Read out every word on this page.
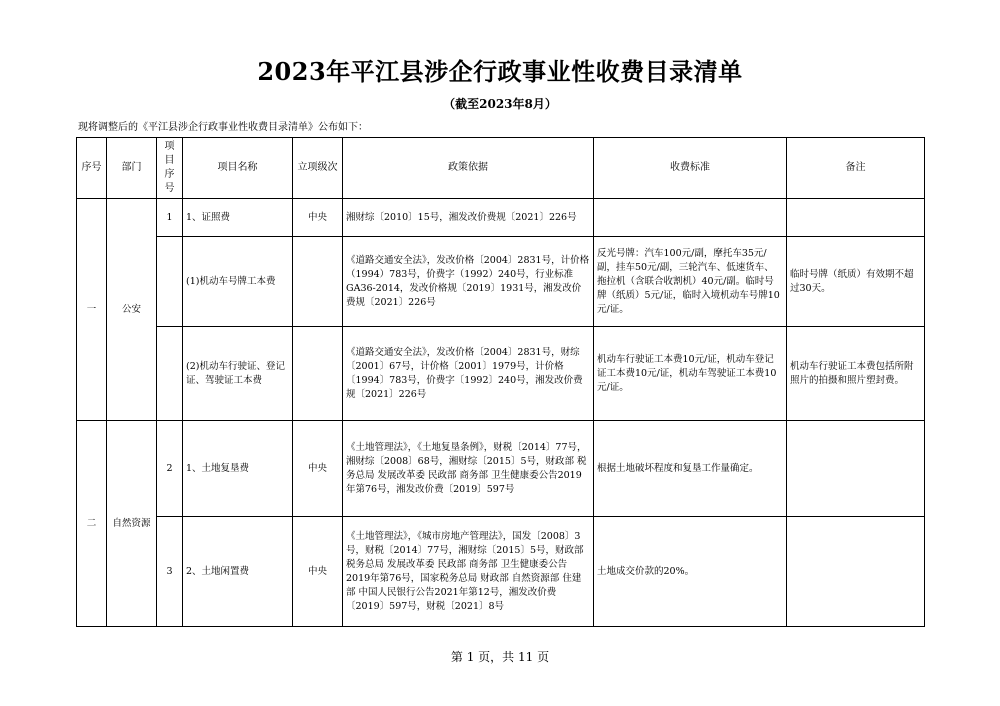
2023年平江县涉企行政事业性收费目录清单
（截至2023年8月）
现将调整后的《平江县涉企行政事业性收费目录清单》公布如下：
序号	部门	项目序号	项目名称	立项级次	政策依据	收费标准	备注
一	公安	1	1、证照费	中央	湘财综〔2010〕15号，湘发改价费规〔2021〕226号		
			(1)机动车号牌工本费		《道路交通安全法》，发改价格〔2004〕2831号，计价格（1994）783号，价费字（1992）240号，行业标准GA36-2014，发改价格规〔2019〕1931号，湘发改价费规〔2021〕226号	反光号牌：汽车100元/副，摩托车35元/副，挂车50元/副，三轮汽车、低速货车、拖拉机（含联合收割机）40元/副。临时号牌（纸质）5元/证，临时入境机动车号牌10元/证。	临时号牌（纸质）有效期不超过30天。
			(2)机动车行驶证、登记证、驾驶证工本费		《道路交通安全法》，发改价格〔2004〕2831号，财综〔2001〕67号，计价格〔2001〕1979号，计价格〔1994〕783号，价费字〔1992〕240号，湘发改价费规〔2021〕226号	机动车行驶证工本费10元/证，机动车登记证工本费10元/证，机动车驾驶证工本费10元/证。	机动车行驶证工本费包括所附照片的拍摄和照片塑封费。
二	自然资源	2	1、土地复垦费	中央	《土地管理法》，《土地复垦条例》，财税〔2014〕77号，湘财综〔2008〕68号，湘财综〔2015〕5号，财政部 税务总局 发展改革委 民政部 商务部 卫生健康委公告2019年第76号，湘发改价费〔2019〕597号	根据土地破坏程度和复垦工作量确定。	
		3	2、土地闲置费	中央	《土地管理法》，《城市房地产管理法》，国发〔2008〕3号，财税〔2014〕77号，湘财综〔2015〕5号，财政部 税务总局 发展改革委 民政部 商务部 卫生健康委公告2019年第76号，国家税务总局 财政部 自然资源部 住建部 中国人民银行公告2021年第12号，湘发改价费〔2019〕597号，财税〔2021〕8号	土地成交价款的20%。	
第 1 页，共 11 页
